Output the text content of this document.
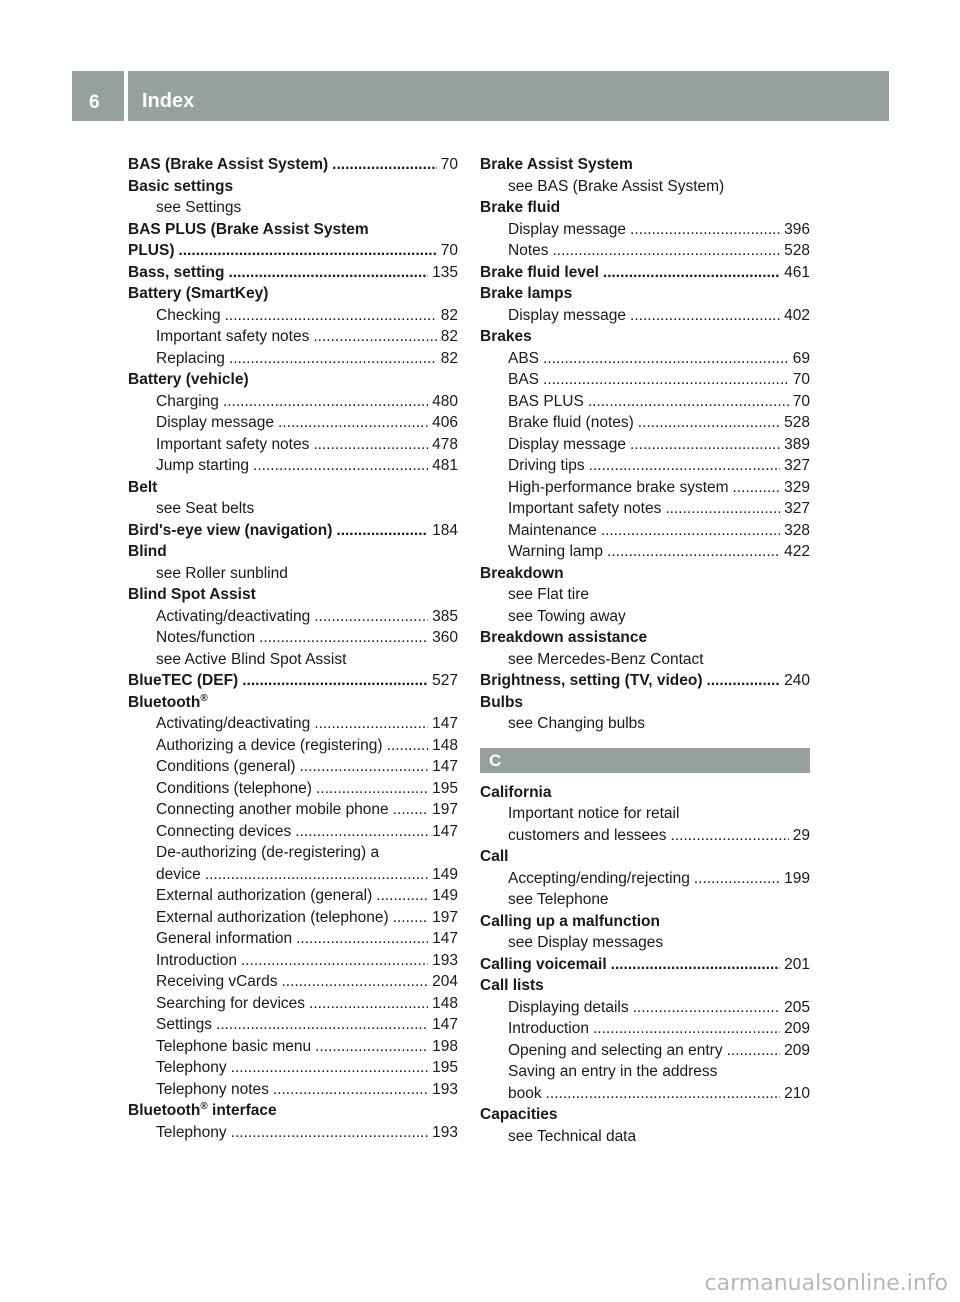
6 Index
BAS (Brake Assist System) .....	70
Basic settings
see Settings
BAS PLUS (Brake Assist System
PLUS) .....	70
Bass, setting .....	135
Battery (SmartKey)
Checking .....	82
Important safety notes .....	82
Replacing .....	82
Battery (vehicle)
Charging .....	480
Display message .....	406
Important safety notes .....	478
Jump starting .....	481
Belt
see Seat belts
Bird's-eye view (navigation) .....	184
Blind
see Roller sunblind
Blind Spot Assist
Activating/deactivating .....	385
Notes/function .....	360
see Active Blind Spot Assist
BlueTEC (DEF) .....	527
Bluetooth®
Activating/deactivating .....	147
Authorizing a device (registering) .....	148
Conditions (general) .....	147
Conditions (telephone) .....	195
Connecting another mobile phone .....	197
Connecting devices .....	147
De-authorizing (de-registering) a
device .....	149
External authorization (general) .....	149
External authorization (telephone) .....	197
General information .....	147
Introduction .....	193
Receiving vCards .....	204
Searching for devices .....	148
Settings .....	147
Telephone basic menu .....	198
Telephony .....	195
Telephony notes .....	193
Bluetooth® interface
Telephony .....	193
Brake Assist System
see BAS (Brake Assist System)
Brake fluid
Display message .....	396
Notes .....	528
Brake fluid level .....	461
Brake lamps
Display message .....	402
Brakes
ABS .....	69
BAS .....	70
BAS PLUS .....	70
Brake fluid (notes) .....	528
Display message .....	389
Driving tips .....	327
High-performance brake system .....	329
Important safety notes .....	327
Maintenance .....	328
Warning lamp .....	422
Breakdown
see Flat tire
see Towing away
Breakdown assistance
see Mercedes-Benz Contact
Brightness, setting (TV, video) .....	240
Bulbs
see Changing bulbs
C
California
Important notice for retail
customers and lessees .....	29
Call
Accepting/ending/rejecting .....	199
see Telephone
Calling up a malfunction
see Display messages
Calling voicemail .....	201
Call lists
Displaying details .....	205
Introduction .....	209
Opening and selecting an entry .....	209
Saving an entry in the address
book .....	210
Capacities
see Technical data
carmanualsonline.info
